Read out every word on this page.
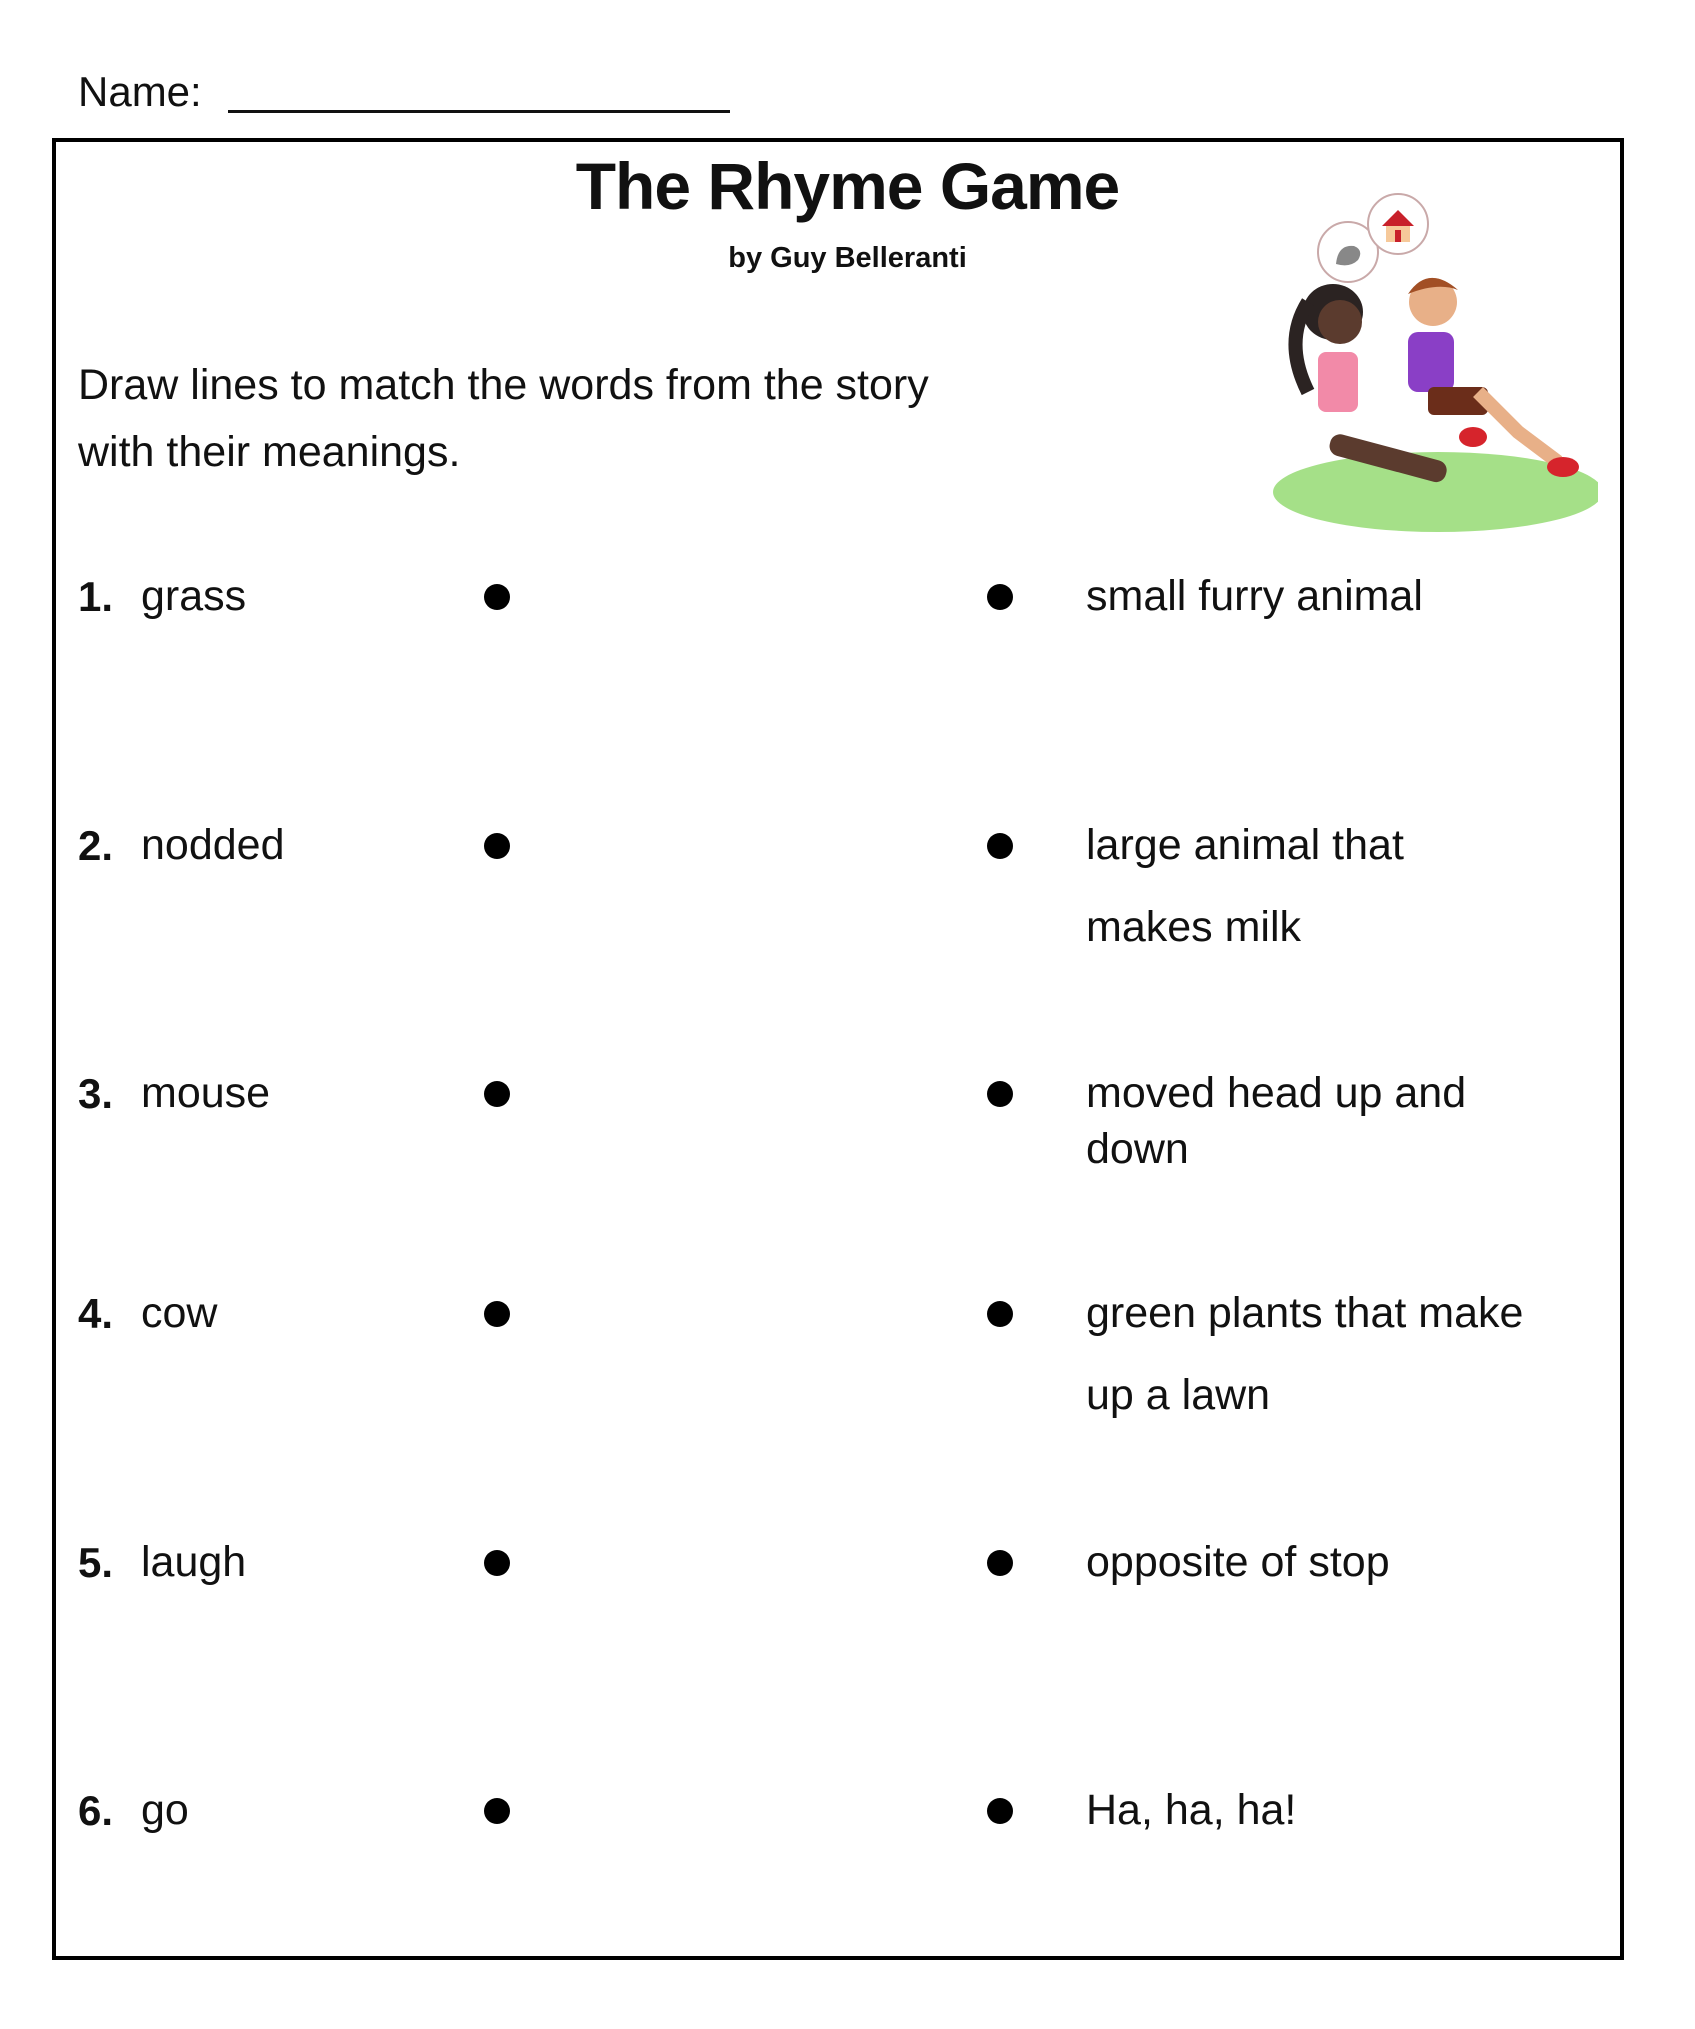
Name:
The Rhyme Game
by Guy Belleranti
Draw lines to match the words from the story with their meanings.
1. grass	small furry animal
2. nodded	large animal that
makes milk
3. mouse	moved head up and
down
4. cow	green plants that make
up a lawn
5. laugh	opposite of stop
6. go	Ha, ha, ha!
